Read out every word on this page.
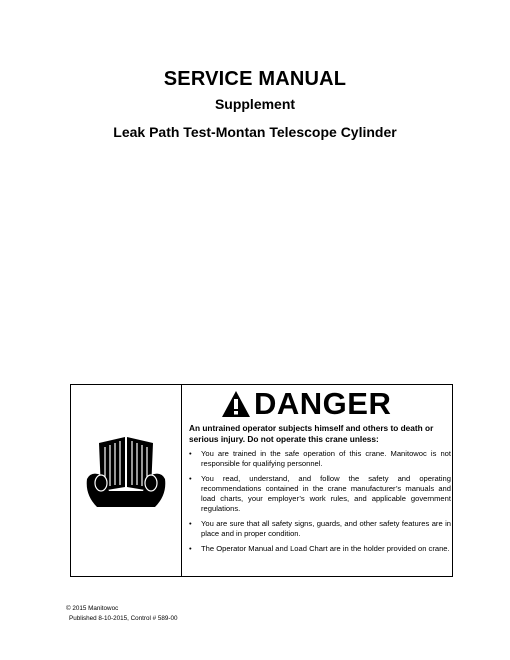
SERVICE MANUAL
Supplement
Leak Path Test-Montan Telescope Cylinder
DANGER
An untrained operator subjects himself and others to death or serious injury. Do not operate this crane unless:
• You are trained in the safe operation of this crane. Manitowoc is not responsible for qualifying personnel.
• You read, understand, and follow the safety and operating recommendations contained in the crane manufacturer’s manuals and load charts, your employer’s work rules, and applicable government regulations.
• You are sure that all safety signs, guards, and other safety features are in place and in proper condition.
• The Operator Manual and Load Chart are in the holder provided on crane.
© 2015 Manitowoc
Published 8-10-2015, Control # 589-00
